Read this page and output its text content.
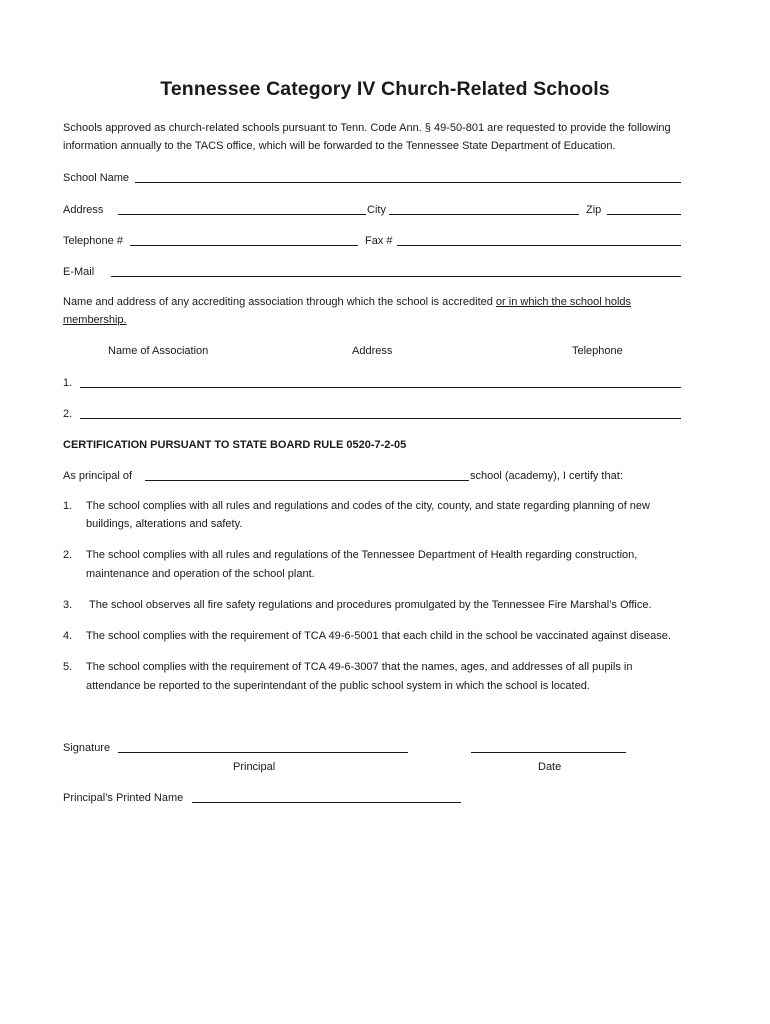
Tennessee Category IV Church-Related Schools
Schools approved as church-related schools pursuant to Tenn. Code Ann. § 49-50-801 are requested to provide the following
information annually to the TACS office, which will be forwarded to the Tennessee State Department of Education.
School Name
Address	City	Zip
Telephone #	Fax #
E-Mail
Name and address of any accrediting association through which the school is accredited or in which the school holds
membership.
Name of Association	Address	Telephone
1.
2.
CERTIFICATION PURSUANT TO STATE BOARD RULE 0520-7-2-05
As principal of	school (academy), I certify that:
1. The school complies with all rules and regulations and codes of the city, county, and state regarding planning of new
buildings, alterations and safety.
2. The school complies with all rules and regulations of the Tennessee Department of Health regarding construction,
maintenance and operation of the school plant.
3. The school observes all fire safety regulations and procedures promulgated by the Tennessee Fire Marshal’s Office.
4. The school complies with the requirement of TCA 49-6-5001 that each child in the school be vaccinated against disease.
5. The school complies with the requirement of TCA 49-6-3007 that the names, ages, and addresses of all pupils in
attendance be reported to the superintendant of the public school system in which the school is located.
Signature
Principal	Date
Principal’s Printed Name
